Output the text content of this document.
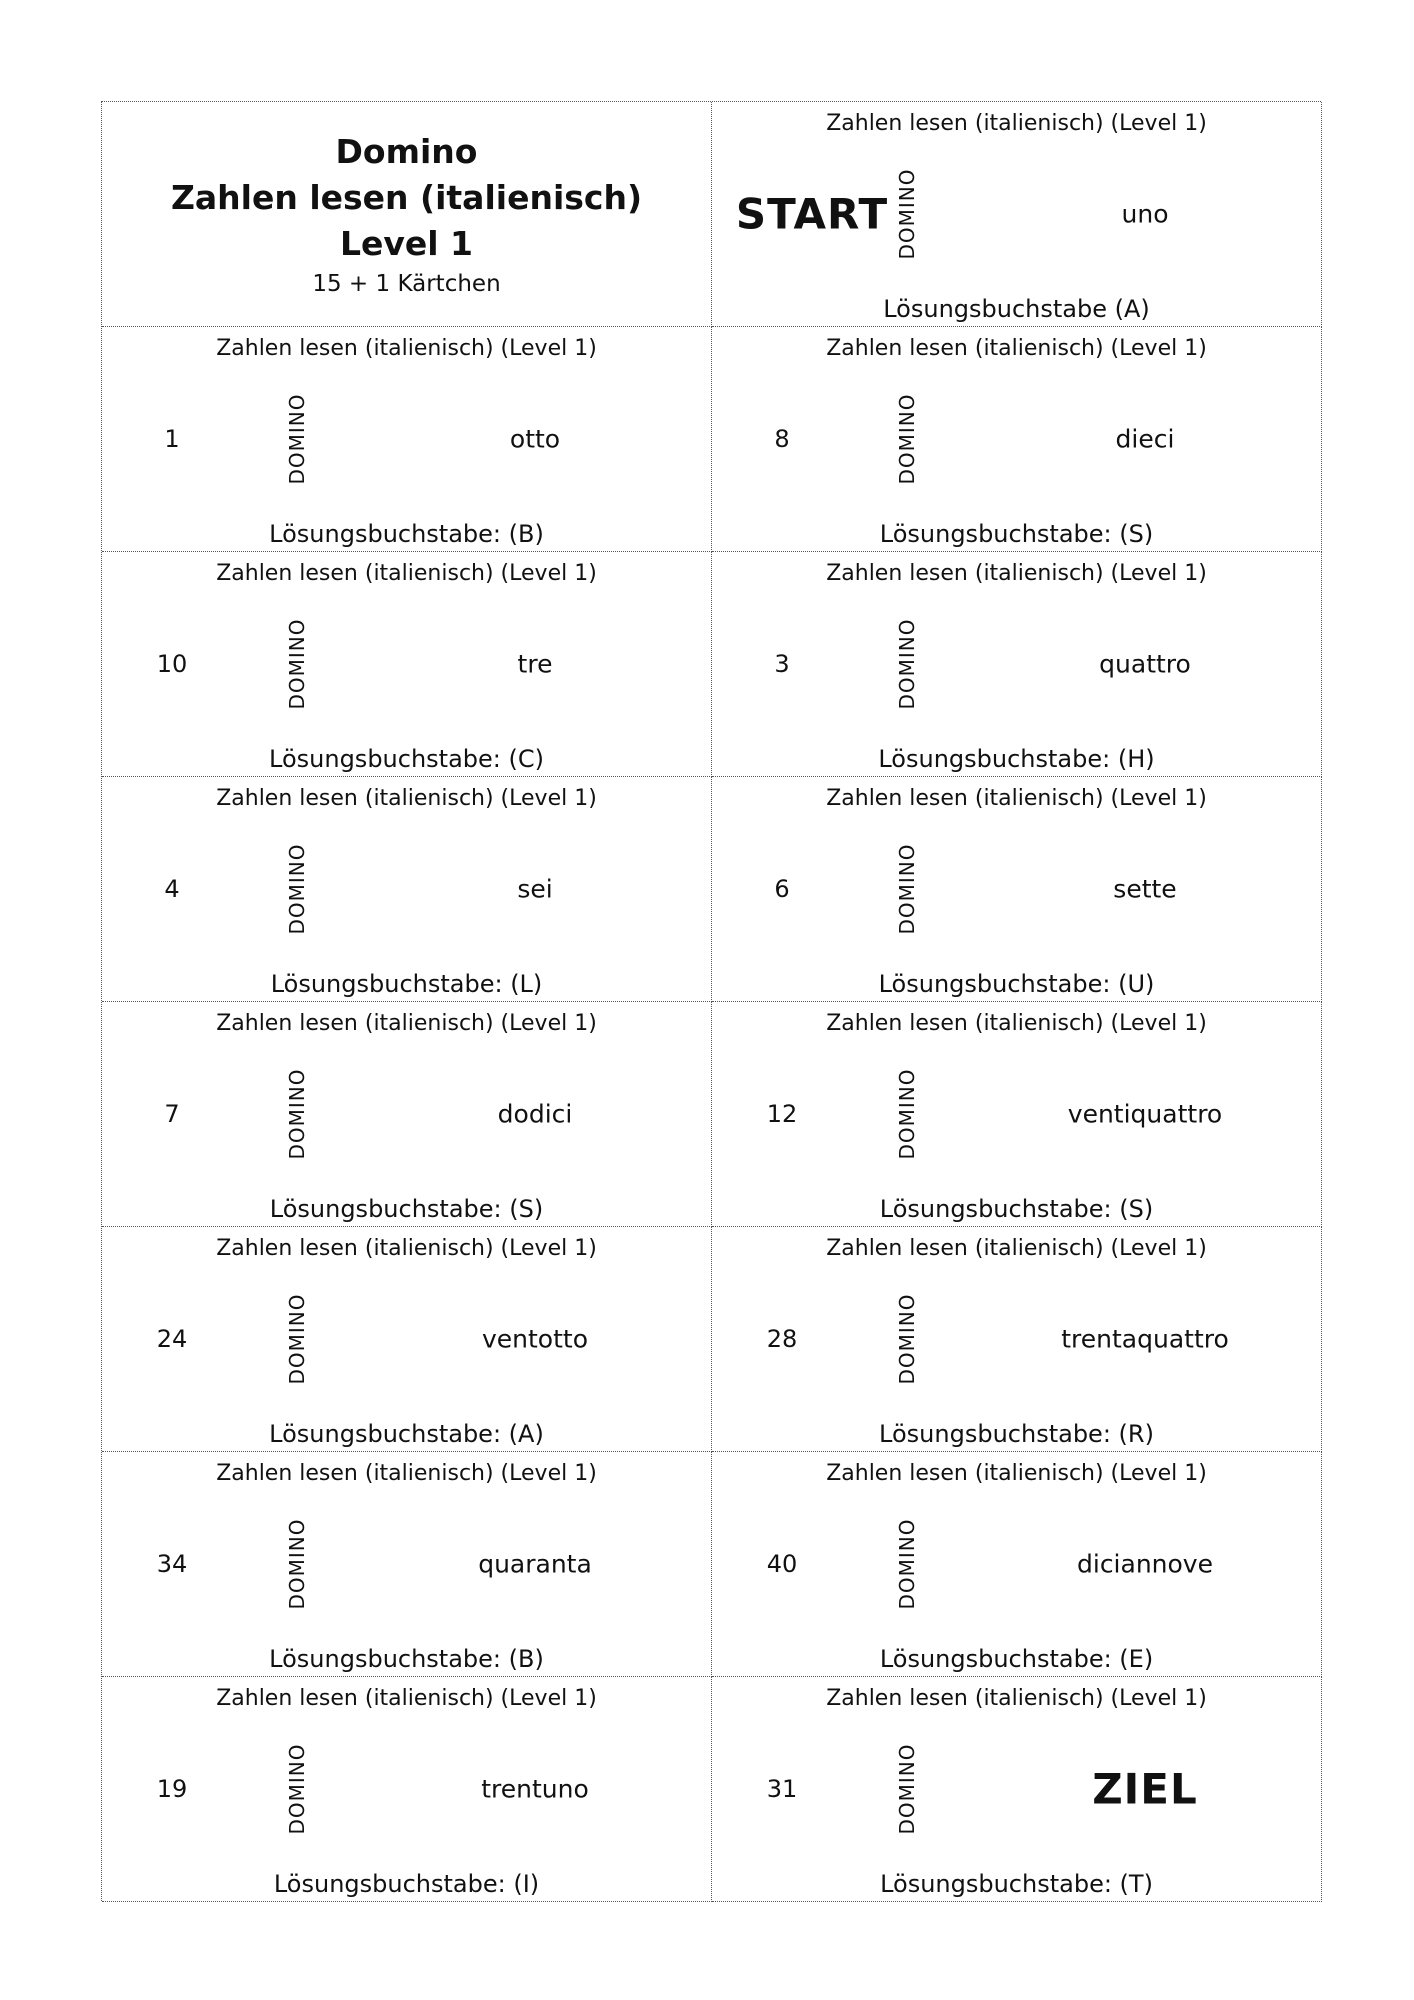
Domino
Zahlen lesen (italienisch)
Level 1
15 + 1 Kärtchen
Zahlen lesen (italienisch) (Level 1)
START DOMINO	uno
Lösungsbuchstabe (A)
Zahlen lesen (italienisch) (Level 1)
1	DOMINO	otto
Lösungsbuchstabe: (B)
Zahlen lesen (italienisch) (Level 1)
8	DOMINO	dieci
Lösungsbuchstabe: (S)
Zahlen lesen (italienisch) (Level 1)
10	DOMINO	tre
Lösungsbuchstabe: (C)
Zahlen lesen (italienisch) (Level 1)
3	DOMINO	quattro
Lösungsbuchstabe: (H)
Zahlen lesen (italienisch) (Level 1)
4	DOMINO	sei
Lösungsbuchstabe: (L)
Zahlen lesen (italienisch) (Level 1)
6	DOMINO	sette
Lösungsbuchstabe: (U)
Zahlen lesen (italienisch) (Level 1)
7	DOMINO	dodici
Lösungsbuchstabe: (S)
Zahlen lesen (italienisch) (Level 1)
12	DOMINO	ventiquattro
Lösungsbuchstabe: (S)
Zahlen lesen (italienisch) (Level 1)
24	DOMINO	ventotto
Lösungsbuchstabe: (A)
Zahlen lesen (italienisch) (Level 1)
28	DOMINO	trentaquattro
Lösungsbuchstabe: (R)
Zahlen lesen (italienisch) (Level 1)
34	DOMINO	quaranta
Lösungsbuchstabe: (B)
Zahlen lesen (italienisch) (Level 1)
40	DOMINO	diciannove
Lösungsbuchstabe: (E)
Zahlen lesen (italienisch) (Level 1)
19	DOMINO	trentuno
Lösungsbuchstabe: (I)
Zahlen lesen (italienisch) (Level 1)
31	DOMINO	ZIEL
Lösungsbuchstabe: (T)
